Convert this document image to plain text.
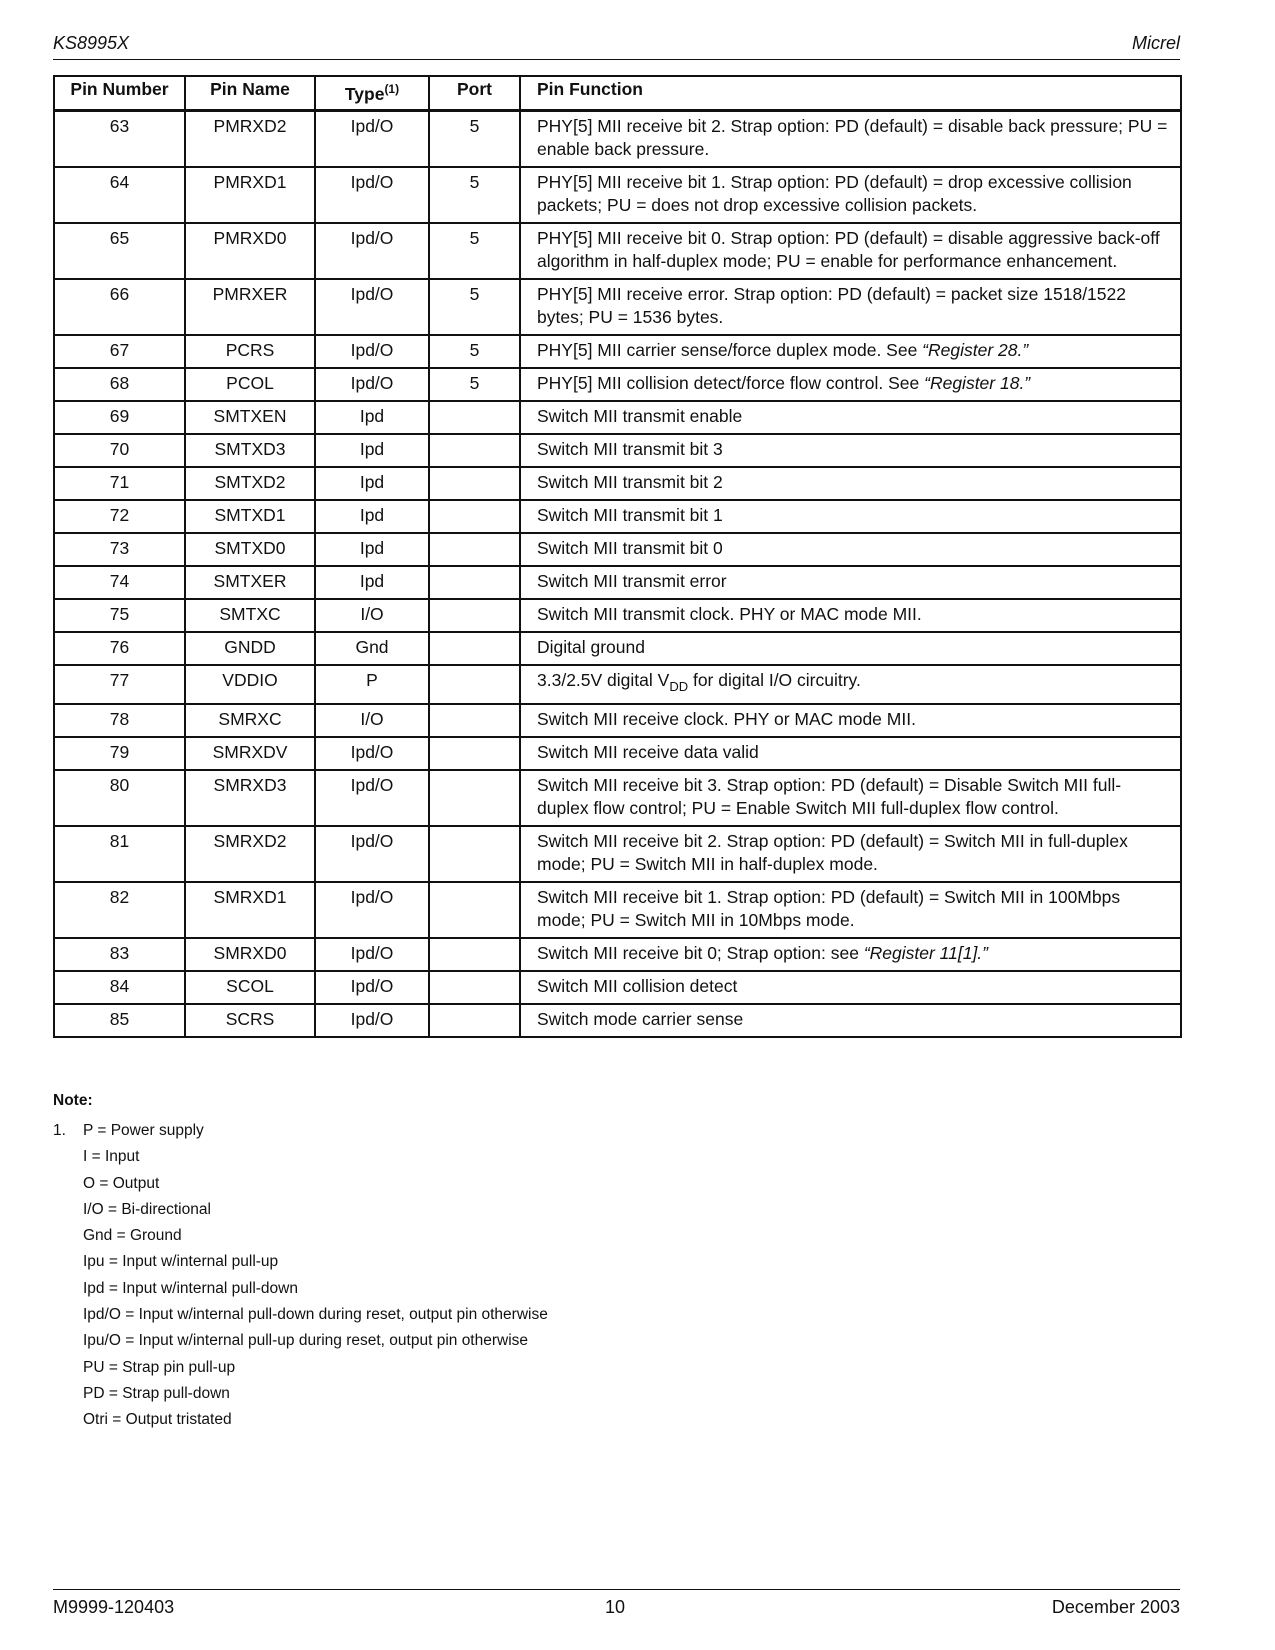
KS8995X	Micrel
Pin Number	Pin Name	Type$^{(1)}$	Port	Pin Function
63	PMRXD2	Ipd/O	5	PHY[5] MII receive bit 2. Strap option: PD (default) = disable back pressure; PU = enable back pressure.
64	PMRXD1	Ipd/O	5	PHY[5] MII receive bit 1. Strap option: PD (default) = drop excessive collision packets; PU = does not drop excessive collision packets.
65	PMRXD0	Ipd/O	5	PHY[5] MII receive bit 0. Strap option: PD (default) = disable aggressive back-off algorithm in half-duplex mode; PU = enable for performance enhancement.
66	PMRXER	Ipd/O	5	PHY[5] MII receive error. Strap option: PD (default) = packet size 1518/1522 bytes; PU = 1536 bytes.
67	PCRS	Ipd/O	5	PHY[5] MII carrier sense/force duplex mode. See “Register 28.”
68	PCOL	Ipd/O	5	PHY[5] MII collision detect/force flow control. See “Register 18.”
69	SMTXEN	Ipd		Switch MII transmit enable
70	SMTXD3	Ipd		Switch MII transmit bit 3
71	SMTXD2	Ipd		Switch MII transmit bit 2
72	SMTXD1	Ipd		Switch MII transmit bit 1
73	SMTXD0	Ipd		Switch MII transmit bit 0
74	SMTXER	Ipd		Switch MII transmit error
75	SMTXC	I/O		Switch MII transmit clock. PHY or MAC mode MII.
76	GNDD	Gnd		Digital ground
77	VDDIO	P		3.3/2.5V digital $V_{DD}$ for digital I/O circuitry.
78	SMRXC	I/O		Switch MII receive clock. PHY or MAC mode MII.
79	SMRXDV	Ipd/O		Switch MII receive data valid
80	SMRXD3	Ipd/O		Switch MII receive bit 3. Strap option: PD (default) = Disable Switch MII full-duplex flow control; PU = Enable Switch MII full-duplex flow control.
81	SMRXD2	Ipd/O		Switch MII receive bit 2. Strap option: PD (default) = Switch MII in full-duplex mode; PU = Switch MII in half-duplex mode.
82	SMRXD1	Ipd/O		Switch MII receive bit 1. Strap option: PD (default) = Switch MII in 100Mbps mode; PU = Switch MII in 10Mbps mode.
83	SMRXD0	Ipd/O		Switch MII receive bit 0; Strap option: see “Register 11[1].”
84	SCOL	Ipd/O		Switch MII collision detect
85	SCRS	Ipd/O		Switch mode carrier sense
Note:
1. P = Power supply
I = Input
O = Output
I/O = Bi-directional
Gnd = Ground
Ipu = Input w/internal pull-up
Ipd = Input w/internal pull-down
Ipd/O = Input w/internal pull-down during reset, output pin otherwise
Ipu/O = Input w/internal pull-up during reset, output pin otherwise
PU = Strap pin pull-up
PD = Strap pull-down
Otri = Output tristated
M9999-120403	10	December 2003
